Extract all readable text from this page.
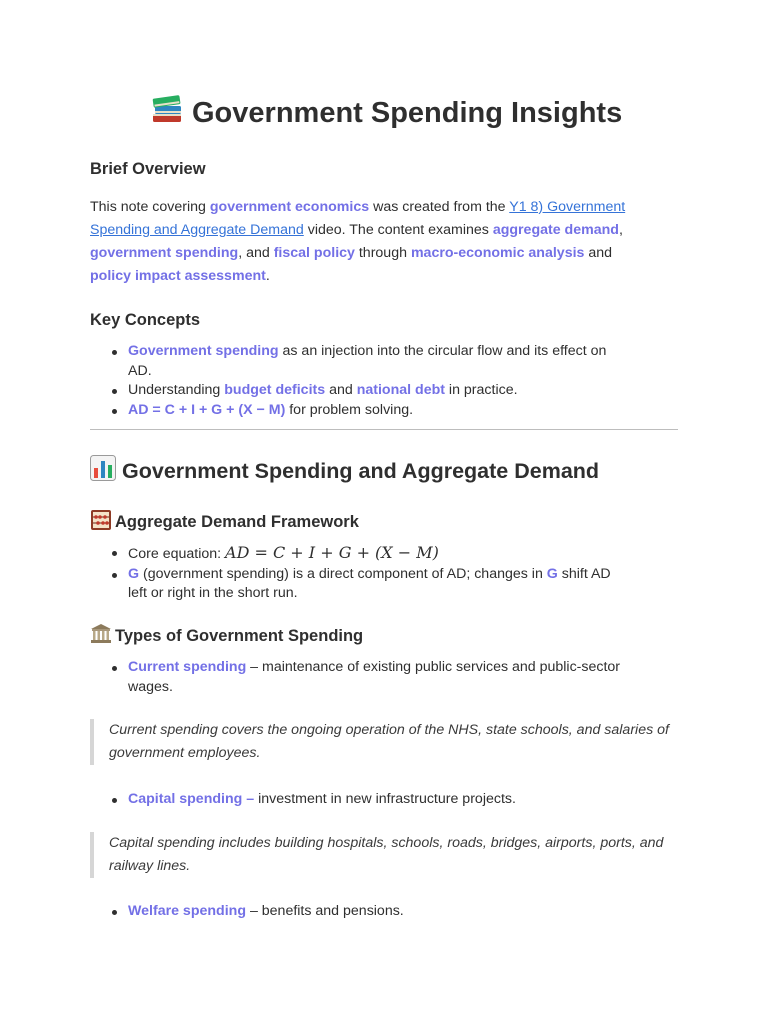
Government Spending Insights
Brief Overview

This note covering government economics was created from the Y1 8) Government Spending and Aggregate Demand video. The content examines aggregate demand, government spending, and fiscal policy through macro-economic analysis and policy impact assessment.

Key Concepts
Government spending as an injection into the circular flow and its effect on AD.
Understanding budget deficits and national debt in practice.
AD = C + I + G + (X − M) for problem solving.
Government Spending and Aggregate Demand
Aggregate Demand Framework
Core equation: AD = C + I + G + (X − M)
G (government spending) is a direct component of AD; changes in G shift AD left or right in the short run.
Types of Government Spending
Current spending – maintenance of existing public services and public-sector wages.
Current spending covers the ongoing operation of the NHS, state schools, and salaries of government employees.
Capital spending – investment in new infrastructure projects.
Capital spending includes building hospitals, schools, roads, bridges, airports, ports, and railway lines.
Welfare spending – benefits and pensions.
